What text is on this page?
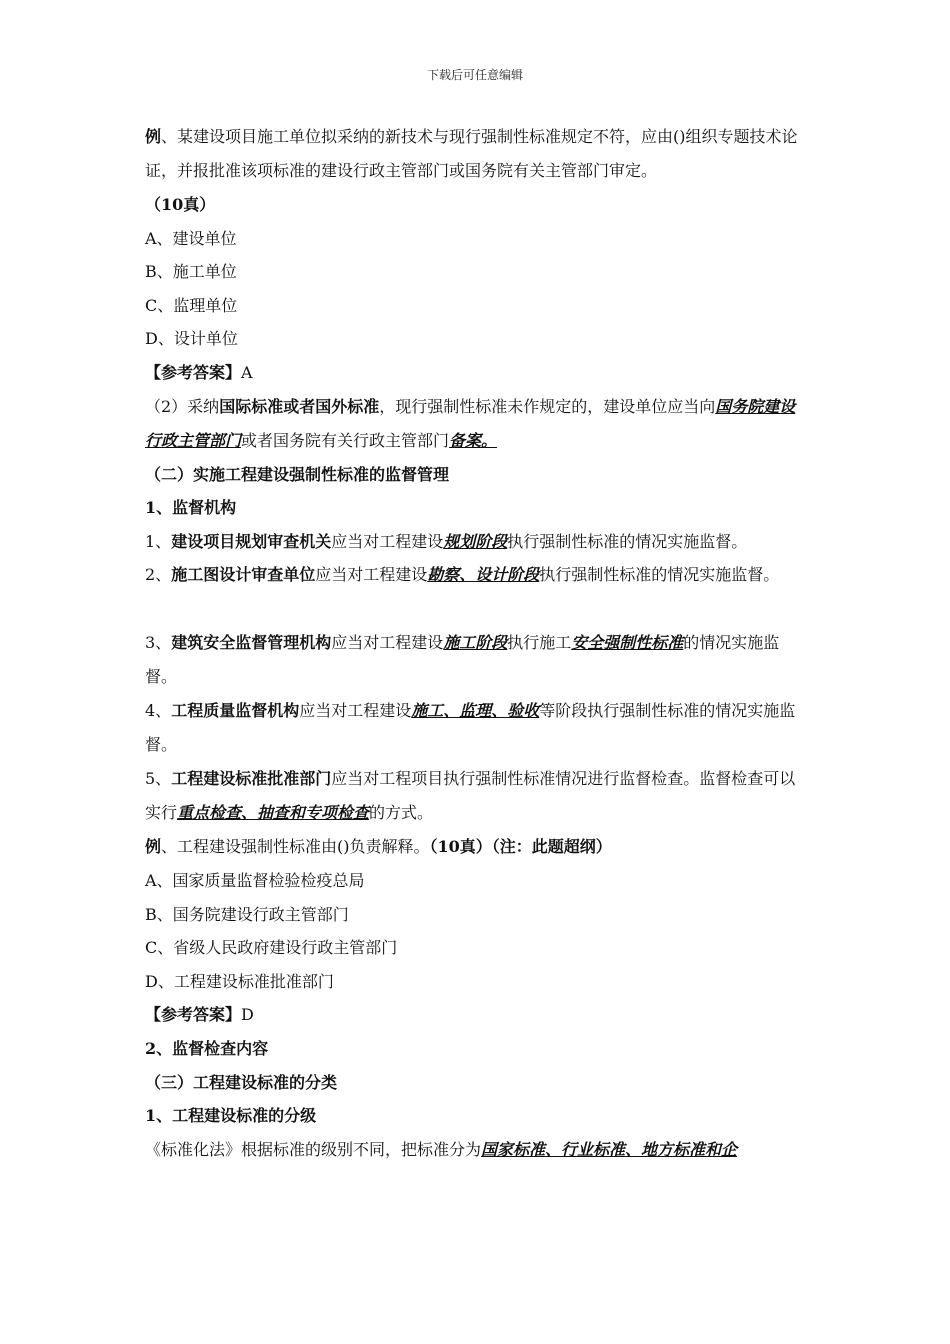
下载后可任意编辑

例、某建设项目施工单位拟采纳的新技术与现行强制性标准规定不符，应由()组织专题技术论证，并报批准该项标准的建设行政主管部门或国务院有关主管部门审定。

（10真）

A、建设单位

B、施工单位

C、监理单位

D、设计单位

【参考答案】A

（2）采纳国际标准或者国外标准，现行强制性标准未作规定的，建设单位应当向国务院建设行政主管部门或者国务院有关行政主管部门备案。

（二）实施工程建设强制性标准的监督管理

1、监督机构

1、建设项目规划审查机关应当对工程建设规划阶段执行强制性标准的情况实施监督。

2、施工图设计审查单位应当对工程建设勘察、设计阶段执行强制性标准的情况实施监督。

3、建筑安全监督管理机构应当对工程建设施工阶段执行施工安全强制性标准的情况实施监督。

4、工程质量监督机构应当对工程建设施工、监理、验收等阶段执行强制性标准的情况实施监督。

5、工程建设标准批准部门应当对工程项目执行强制性标准情况进行监督检查。监督检查可以实行重点检查、抽查和专项检查的方式。

例、工程建设强制性标准由()负责解释。（10真）（注：此题超纲）

A、国家质量监督检验检疫总局

B、国务院建设行政主管部门

C、省级人民政府建设行政主管部门

D、工程建设标准批准部门

【参考答案】D

2、监督检查内容

（三）工程建设标准的分类

1、工程建设标准的分级

《标准化法》根据标准的级别不同，把标准分为国家标准、行业标准、地方标准和企
